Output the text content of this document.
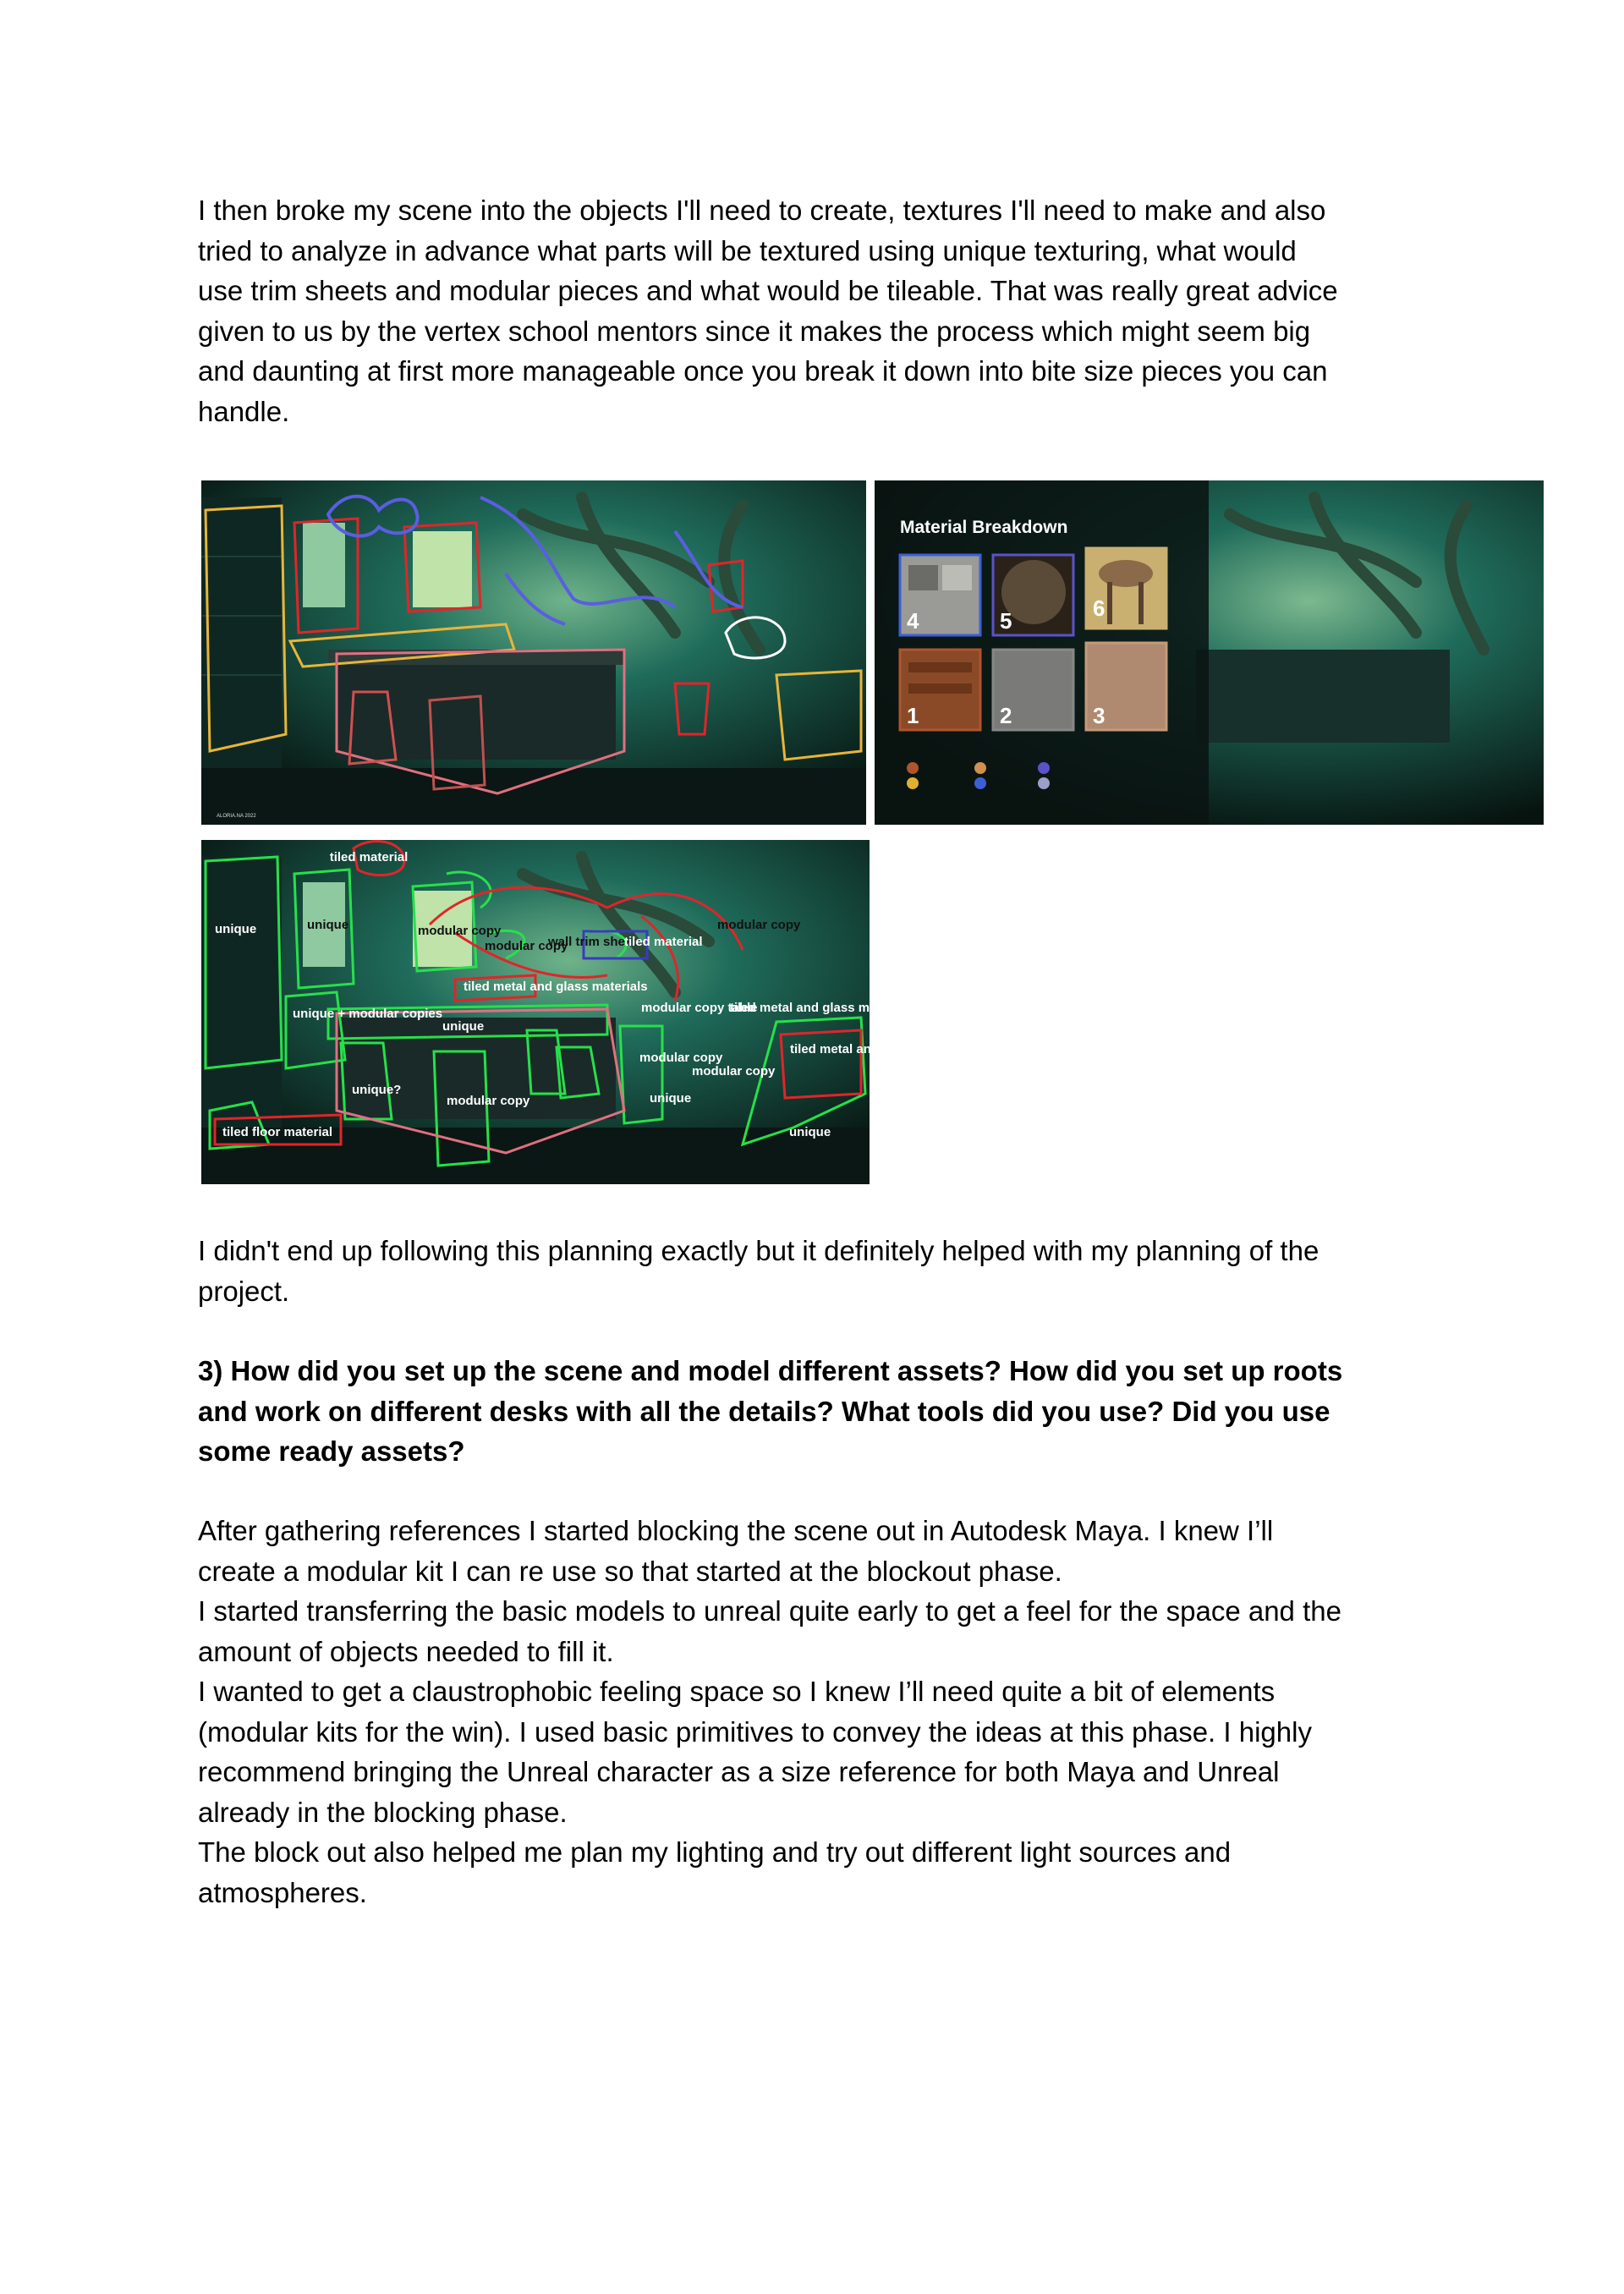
I then broke my scene into the objects I'll need to create, textures I'll need to make and also
tried to analyze in advance what parts will be textured using unique texturing, what would
use trim sheets and modular pieces and what would be tileable. That was really great advice
given to us by the vertex school mentors since it makes the process which might seem big
and daunting at first more manageable once you break it down into bite size pieces you can
handle.

ALORIA.NA 2022
Material Breakdown
4	5	6
1	2	3
tiled material
unique	unique	modular copy
modular copy
wall trim sheet
tiled material
modular copy
unique + modular copies
tiled metal and glass materials
unique
modular copy table
tiled metal and glass materials
tiled metal and glass materials
modular copy
modular copy
unique?
modular copy	unique
tiled floor material	unique

I didn't end up following this planning exactly but it definitely helped with my planning of the
project.

3) How did you set up the scene and model different assets? How did you set up roots
and work on different desks with all the details? What tools did you use? Did you use
some ready assets?

After gathering references I started blocking the scene out in Autodesk Maya. I knew I’ll
create a modular kit I can re use so that started at the blockout phase.
I started transferring the basic models to unreal quite early to get a feel for the space and the
amount of objects needed to fill it.
I wanted to get a claustrophobic feeling space so I knew I’ll need quite a bit of elements
(modular kits for the win). I used basic primitives to convey the ideas at this phase. I highly
recommend bringing the Unreal character as a size reference for both Maya and Unreal
already in the blocking phase.
The block out also helped me plan my lighting and try out different light sources and
atmospheres.
